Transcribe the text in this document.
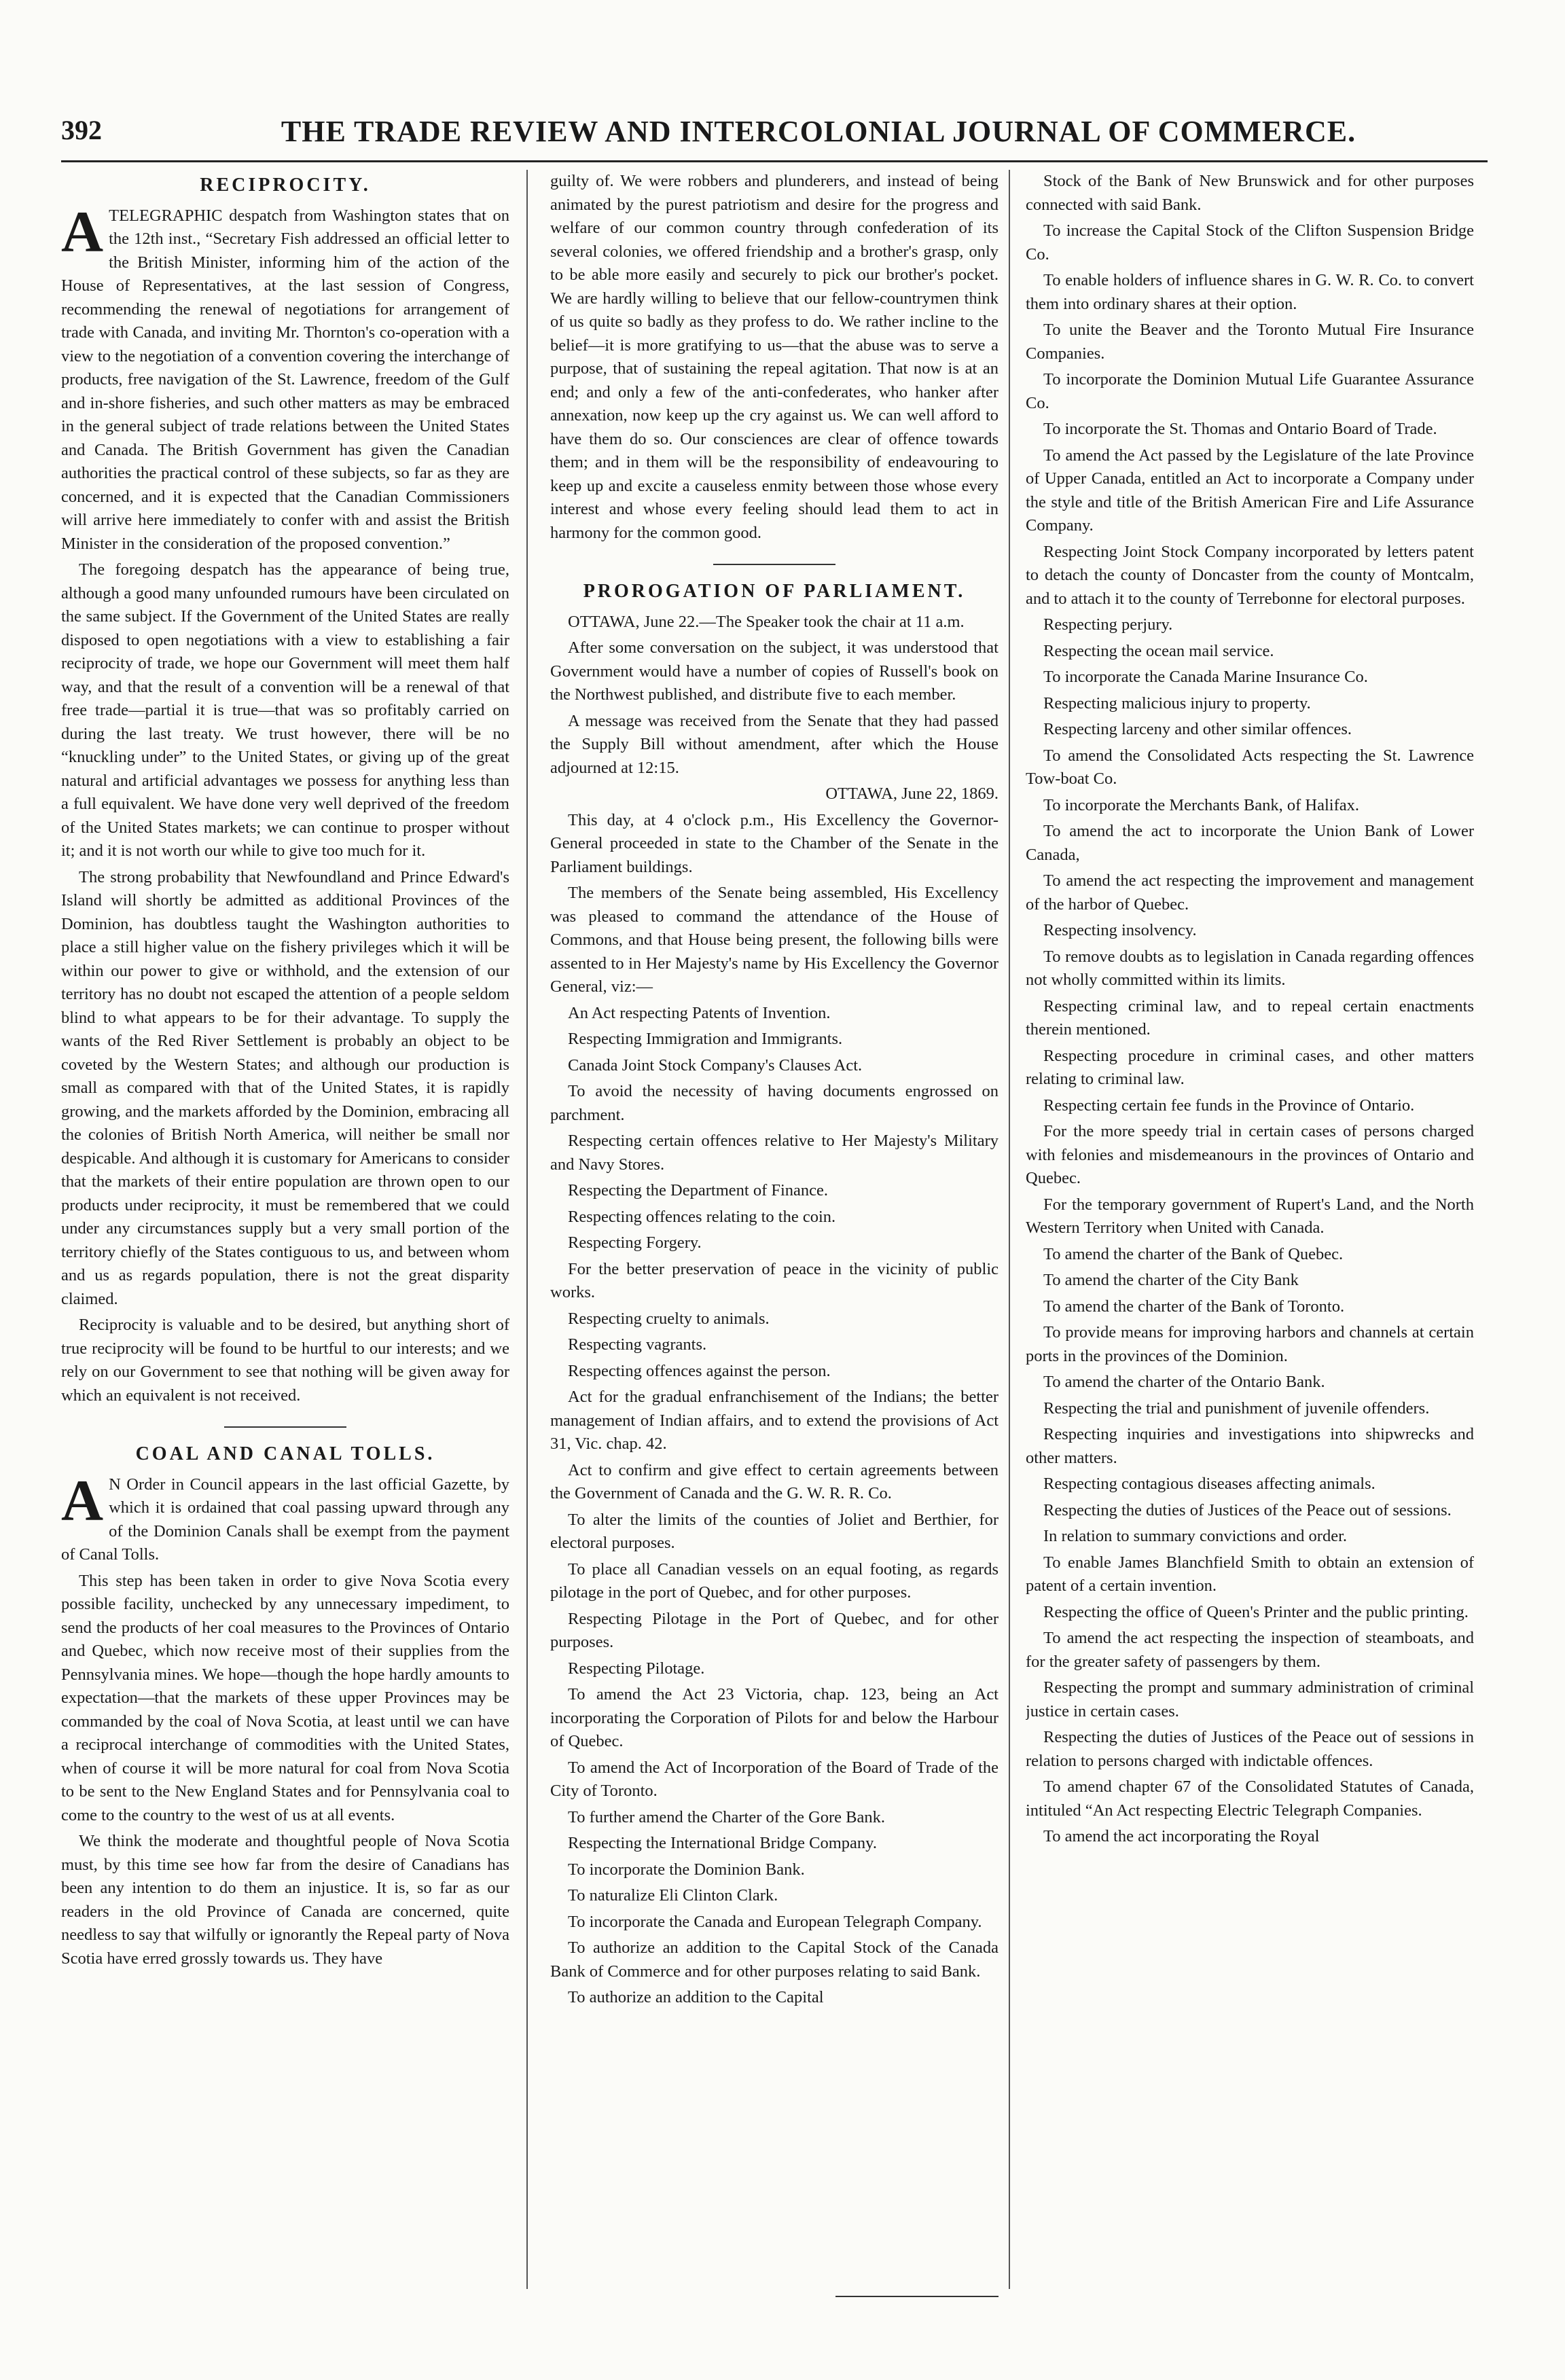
392	THE TRADE REVIEW AND INTERCOLONIAL JOURNAL OF COMMERCE.
RECIPROCITY.

ATELEGRAPHIC despatch from Washington states that on the 12th inst., “Secretary Fish addressed an official letter to the British Minister, informing him of the action of the House of Representatives, at the last session of Congress, recommending the renewal of negotiations for arrangement of trade with Canada, and inviting Mr. Thornton's co-operation with a view to the negotiation of a convention covering the interchange of products, free navigation of the St. Lawrence, freedom of the Gulf and in-shore fisheries, and such other matters as may be embraced in the general subject of trade relations between the United States and Canada. The British Government has given the Canadian authorities the practical control of these subjects, so far as they are concerned, and it is expected that the Canadian Commissioners will arrive here immediately to confer with and assist the British Minister in the consideration of the proposed convention.”

The foregoing despatch has the appearance of being true, although a good many unfounded rumours have been circulated on the same subject. If the Government of the United States are really disposed to open negotiations with a view to establishing a fair reciprocity of trade, we hope our Government will meet them half way, and that the result of a convention will be a renewal of that free trade—partial it is true—that was so profitably carried on during the last treaty. We trust however, there will be no “knuckling under” to the United States, or giving up of the great natural and artificial advantages we possess for anything less than a full equivalent. We have done very well deprived of the freedom of the United States markets; we can continue to prosper without it; and it is not worth our while to give too much for it.

The strong probability that Newfoundland and Prince Edward's Island will shortly be admitted as additional Provinces of the Dominion, has doubtless taught the Washington authorities to place a still higher value on the fishery privileges which it will be within our power to give or withhold, and the extension of our territory has no doubt not escaped the attention of a people seldom blind to what appears to be for their advantage. To supply the wants of the Red River Settlement is probably an object to be coveted by the Western States; and although our production is small as compared with that of the United States, it is rapidly growing, and the markets afforded by the Dominion, embracing all the colonies of British North America, will neither be small nor despicable. And although it is customary for Americans to consider that the markets of their entire population are thrown open to our products under reciprocity, it must be remembered that we could under any circumstances supply but a very small portion of the territory chiefly of the States contiguous to us, and between whom and us as regards population, there is not the great disparity claimed.

Reciprocity is valuable and to be desired, but anything short of true reciprocity will be found to be hurtful to our interests; and we rely on our Government to see that nothing will be given away for which an equivalent is not received.

COAL AND CANAL TOLLS.

A N Order in Council appears in the last official Gazette, by which it is ordained that coal passing upward through any of the Dominion Canals shall be exempt from the payment of Canal Tolls.

This step has been taken in order to give Nova Scotia every possible facility, unchecked by any unnecessary impediment, to send the products of her coal measures to the Provinces of Ontario and Quebec, which now receive most of their supplies from the Pennsylvania mines. We hope—though the hope hardly amounts to expectation—that the markets of these upper Provinces may be commanded by the coal of Nova Scotia, at least until we can have a reciprocal interchange of commodities with the United States, when of course it will be more natural for coal from Nova Scotia to be sent to the New England States and for Pennsylvania coal to come to the country to the west of us at all events.

We think the moderate and thoughtful people of Nova Scotia must, by this time see how far from the desire of Canadians has been any intention to do them an injustice. It is, so far as our readers in the old Province of Canada are concerned, quite needless to say that wilfully or ignorantly the Repeal party of Nova Scotia have erred grossly towards us. They have

guilty of. We were robbers and plunderers, and instead of being animated by the purest patriotism and desire for the progress and welfare of our common country through confederation of its several colonies, we offered friendship and a brother's grasp, only to be able more easily and securely to pick our brother's pocket. We are hardly willing to believe that our fellow-countrymen think of us quite so badly as they profess to do. We rather incline to the belief—it is more gratifying to us—that the abuse was to serve a purpose, that of sustaining the repeal agitation. That now is at an end; and only a few of the anti-confederates, who hanker after annexation, now keep up the cry against us. We can well afford to have them do so. Our consciences are clear of offence towards them; and in them will be the responsibility of endeavouring to keep up and excite a causeless enmity between those whose every interest and whose every feeling should lead them to act in harmony for the common good.

PROROGATION OF PARLIAMENT.

OTTAWA, June 22.—The Speaker took the chair at 11 a.m.

After some conversation on the subject, it was understood that Government would have a number of copies of Russell's book on the Northwest published, and distribute five to each member.

A message was received from the Senate that they had passed the Supply Bill without amendment, after which the House adjourned at 12:15.

OTTAWA, June 22, 1869.

This day, at 4 o'clock p.m., His Excellency the Governor-General proceeded in state to the Chamber of the Senate in the Parliament buildings.

The members of the Senate being assembled, His Excellency was pleased to command the attendance of the House of Commons, and that House being present, the following bills were assented to in Her Majesty's name by His Excellency the Governor General, viz:—

An Act respecting Patents of Invention.

Respecting Immigration and Immigrants.

Canada Joint Stock Company's Clauses Act.

To avoid the necessity of having documents engrossed on parchment.

Respecting certain offences relative to Her Majesty's Military and Navy Stores.

Respecting the Department of Finance.

Respecting offences relating to the coin.

Respecting Forgery.

For the better preservation of peace in the vicinity of public works.

Respecting cruelty to animals.

Respecting vagrants.

Respecting offences against the person.

Act for the gradual enfranchisement of the Indians; the better management of Indian affairs, and to extend the provisions of Act 31, Vic. chap. 42.

Act to confirm and give effect to certain agreements between the Government of Canada and the G. W. R. R. Co.

To alter the limits of the counties of Joliet and Berthier, for electoral purposes.

To place all Canadian vessels on an equal footing, as regards pilotage in the port of Quebec, and for other purposes.

Respecting Pilotage in the Port of Quebec, and for other purposes.

Respecting Pilotage.

To amend the Act 23 Victoria, chap. 123, being an Act incorporating the Corporation of Pilots for and below the Harbour of Quebec.

To amend the Act of Incorporation of the Board of Trade of the City of Toronto.

To further amend the Charter of the Gore Bank.

Respecting the International Bridge Company.

To incorporate the Dominion Bank.

To naturalize Eli Clinton Clark.

To incorporate the Canada and European Telegraph Company.

To authorize an addition to the Capital Stock of the Canada Bank of Commerce and for other purposes relating to said Bank.

To authorize an addition to the Capital

Stock of the Bank of New Brunswick and for other purposes connected with said Bank.

To increase the Capital Stock of the Clifton Suspension Bridge Co.

To enable holders of influence shares in G. W. R. Co. to convert them into ordinary shares at their option.

To unite the Beaver and the Toronto Mutual Fire Insurance Companies.

To incorporate the Dominion Mutual Life Guarantee Assurance Co.

To incorporate the St. Thomas and Ontario Board of Trade.

To amend the Act passed by the Legislature of the late Province of Upper Canada, entitled an Act to incorporate a Company under the style and title of the British American Fire and Life Assurance Company.

Respecting Joint Stock Company incorporated by letters patent to detach the county of Doncaster from the county of Montcalm, and to attach it to the county of Terrebonne for electoral purposes.

Respecting perjury.

Respecting the ocean mail service.

To incorporate the Canada Marine Insurance Co.

Respecting malicious injury to property.

Respecting larceny and other similar offences.

To amend the Consolidated Acts respecting the St. Lawrence Tow-boat Co.

To incorporate the Merchants Bank, of Halifax.

To amend the act to incorporate the Union Bank of Lower Canada,

To amend the act respecting the improvement and management of the harbor of Quebec.

Respecting insolvency.

To remove doubts as to legislation in Canada regarding offences not wholly committed within its limits.

Respecting criminal law, and to repeal certain enactments therein mentioned.

Respecting procedure in criminal cases, and other matters relating to criminal law.

Respecting certain fee funds in the Province of Ontario.

For the more speedy trial in certain cases of persons charged with felonies and misdemeanours in the provinces of Ontario and Quebec.

For the temporary government of Rupert's Land, and the North Western Territory when United with Canada.

To amend the charter of the Bank of Quebec.

To amend the charter of the City Bank

To amend the charter of the Bank of Toronto.

To provide means for improving harbors and channels at certain ports in the provinces of the Dominion.

To amend the charter of the Ontario Bank.

Respecting the trial and punishment of juvenile offenders.

Respecting inquiries and investigations into shipwrecks and other matters.

Respecting contagious diseases affecting animals.

Respecting the duties of Justices of the Peace out of sessions.

In relation to summary convictions and order.

To enable James Blanchfield Smith to obtain an extension of patent of a certain invention.

Respecting the office of Queen's Printer and the public printing.

To amend the act respecting the inspection of steamboats, and for the greater safety of passengers by them.

Respecting the prompt and summary administration of criminal justice in certain cases.

Respecting the duties of Justices of the Peace out of sessions in relation to persons charged with indictable offences.

To amend chapter 67 of the Consolidated Statutes of Canada, intituled “An Act respecting Electric Telegraph Companies.

To amend the act incorporating the Royal
